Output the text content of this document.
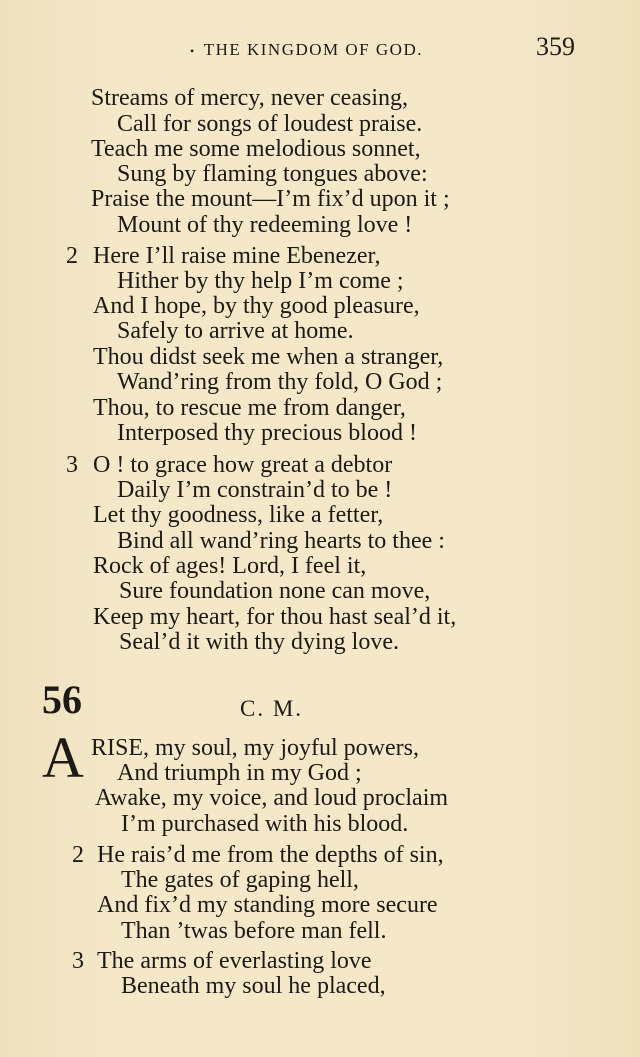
• THE KINGDOM OF GOD.	359
Streams of mercy, never ceasing,
Call for songs of loudest praise.
Teach me some melodious sonnet,
Sung by flaming tongues above:
Praise the mount—I’m fix’d upon it ;
Mount of thy redeeming love !
2 Here I’ll raise mine Ebenezer,
Hither by thy help I’m come ;
And I hope, by thy good pleasure,
Safely to arrive at home.
Thou didst seek me when a stranger,
Wand’ring from thy fold, O God ;
Thou, to rescue me from danger,
Interposed thy precious blood !
3 O ! to grace how great a debtor
Daily I’m constrain’d to be !
Let thy goodness, like a fetter,
Bind all wand’ring hearts to thee :
Rock of ages! Lord, I feel it,
Sure foundation none can move,
Keep my heart, for thou hast seal’d it,
Seal’d it with thy dying love.
56	C. M.
A RISE, my soul, my joyful powers,
And triumph in my God ;
Awake, my voice, and loud proclaim
I’m purchased with his blood.
2 He rais’d me from the depths of sin,
The gates of gaping hell,
And fix’d my standing more secure
Than ’twas before man fell.
3 The arms of everlasting love
Beneath my soul he placed,
